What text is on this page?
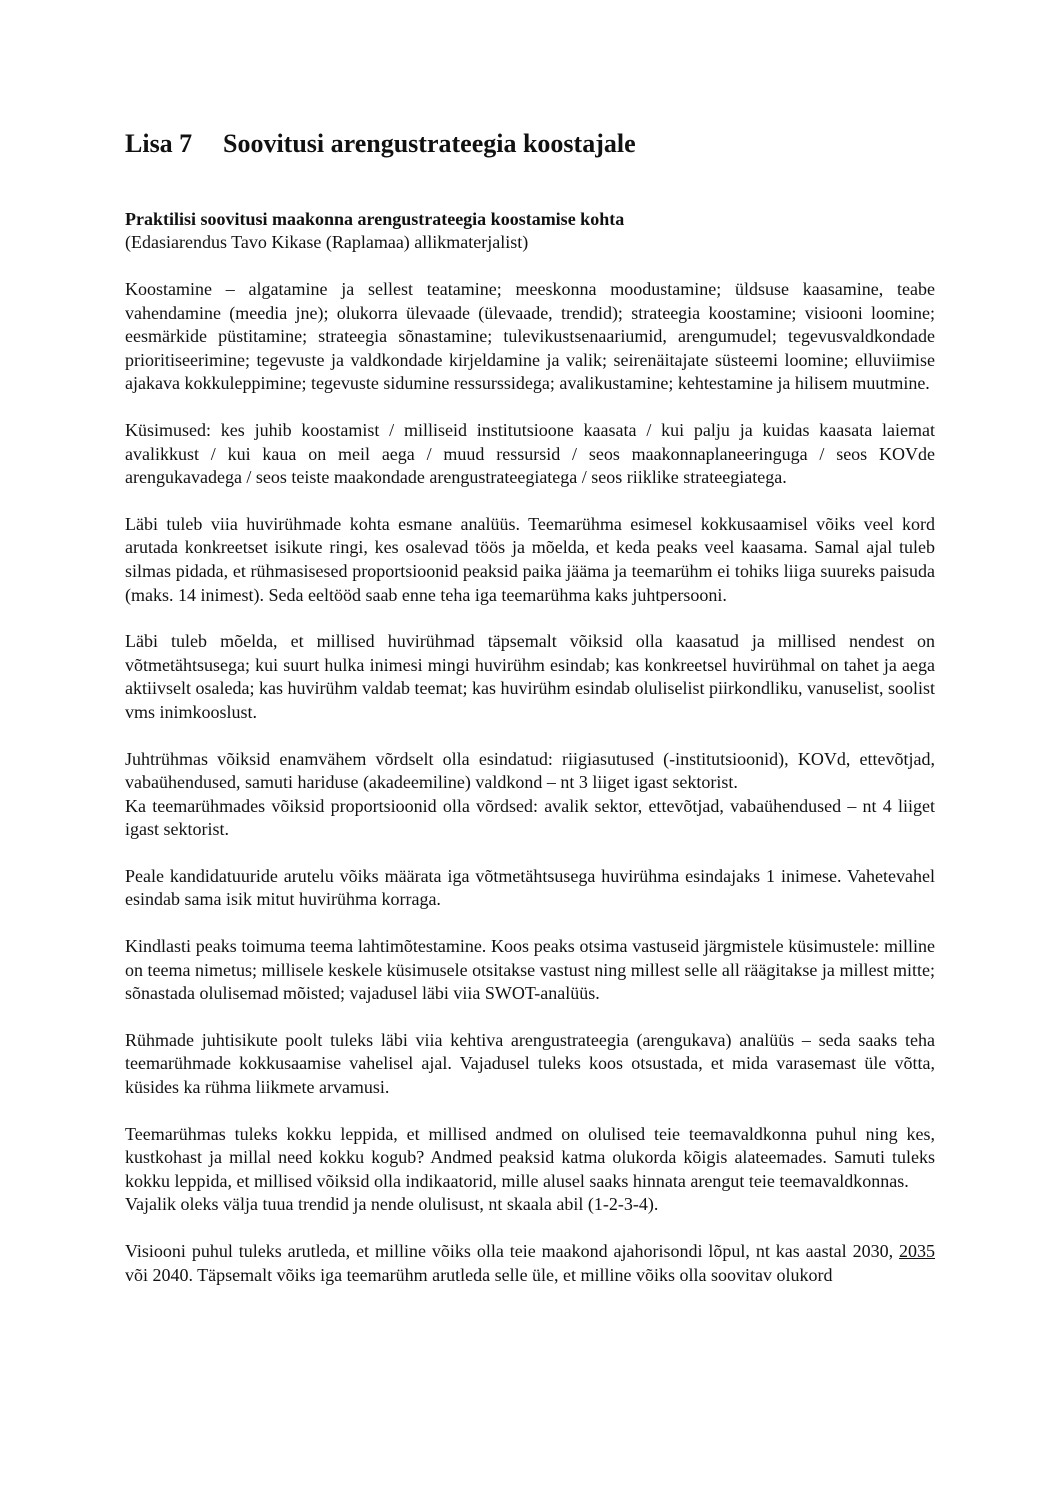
Lisa 7 Soovitusi arengustrateegia koostajale

Praktilisi soovitusi maakonna arengustrateegia koostamise kohta

(Edasiarendus Tavo Kikase (Raplamaa) allikmaterjalist)

Koostamine – algatamine ja sellest teatamine; meeskonna moodustamine; üldsuse kaasamine, teabe vahendamine (meedia jne); olukorra ülevaade (ülevaade, trendid); strateegia koostamine; visiooni loomine; eesmärkide püstitamine; strateegia sõnastamine; tulevikustsenaariumid, arengumudel; tegevusvaldkondade prioritiseerimine; tegevuste ja valdkondade kirjeldamine ja valik; seirenäitajate süsteemi loomine; elluviimise ajakava kokkuleppimine; tegevuste sidumine ressurssidega; avalikustamine; kehtestamine ja hilisem muutmine.

Küsimused: kes juhib koostamist / milliseid institutsioone kaasata / kui palju ja kuidas kaasata laiemat avalikkust / kui kaua on meil aega / muud ressursid / seos maakonnaplaneeringuga / seos KOVde arengukavadega / seos teiste maakondade arengustrateegiatega / seos riiklike strateegiatega.

Läbi tuleb viia huvirühmade kohta esmane analüüs. Teemarühma esimesel kokkusaamisel võiks veel kord arutada konkreetset isikute ringi, kes osalevad töös ja mõelda, et keda peaks veel kaasama. Samal ajal tuleb silmas pidada, et rühmasisesed proportsioonid peaksid paika jääma ja teemarühm ei tohiks liiga suureks paisuda (maks. 14 inimest). Seda eeltööd saab enne teha iga teemarühma kaks juhtpersooni.

Läbi tuleb mõelda, et millised huvirühmad täpsemalt võiksid olla kaasatud ja millised nendest on võtmetähtsusega; kui suurt hulka inimesi mingi huvirühm esindab; kas konkreetsel huvirühmal on tahet ja aega aktiivselt osaleda; kas huvirühm valdab teemat; kas huvirühm esindab oluliselist piirkondliku, vanuselist, soolist vms inimkooslust.

Juhtrühmas võiksid enamvähem võrdselt olla esindatud: riigiasutused (-institutsioonid), KOVd, ettevõtjad, vabaühendused, samuti hariduse (akadeemiline) valdkond – nt 3 liiget igast sektorist.

Ka teemarühmades võiksid proportsioonid olla võrdsed: avalik sektor, ettevõtjad, vabaühendused – nt 4 liiget igast sektorist.

Peale kandidatuuride arutelu võiks määrata iga võtmetähtsusega huvirühma esindajaks 1 inimese. Vahetevahel esindab sama isik mitut huvirühma korraga.

Kindlasti peaks toimuma teema lahtimõtestamine. Koos peaks otsima vastuseid järgmistele küsimustele: milline on teema nimetus; millisele keskele küsimusele otsitakse vastust ning millest selle all räägitakse ja millest mitte; sõnastada olulisemad mõisted; vajadusel läbi viia SWOT-analüüs.

Rühmade juhtisikute poolt tuleks läbi viia kehtiva arengustrateegia (arengukava) analüüs – seda saaks teha teemarühmade kokkusaamise vahelisel ajal. Vajadusel tuleks koos otsustada, et mida varasemast üle võtta, küsides ka rühma liikmete arvamusi.

Teemarühmas tuleks kokku leppida, et millised andmed on olulised teie teemavaldkonna puhul ning kes, kustkohast ja millal need kokku kogub? Andmed peaksid katma olukorda kõigis alateemades. Samuti tuleks kokku leppida, et millised võiksid olla indikaatorid, mille alusel saaks hinnata arengut teie teemavaldkonnas.

Vajalik oleks välja tuua trendid ja nende olulisust, nt skaala abil (1-2-3-4).

Visiooni puhul tuleks arutleda, et milline võiks olla teie maakond ajahorisondi lõpul, nt kas aastal 2030, 2035 või 2040. Täpsemalt võiks iga teemarühm arutleda selle üle, et milline võiks olla soovitav olukord
